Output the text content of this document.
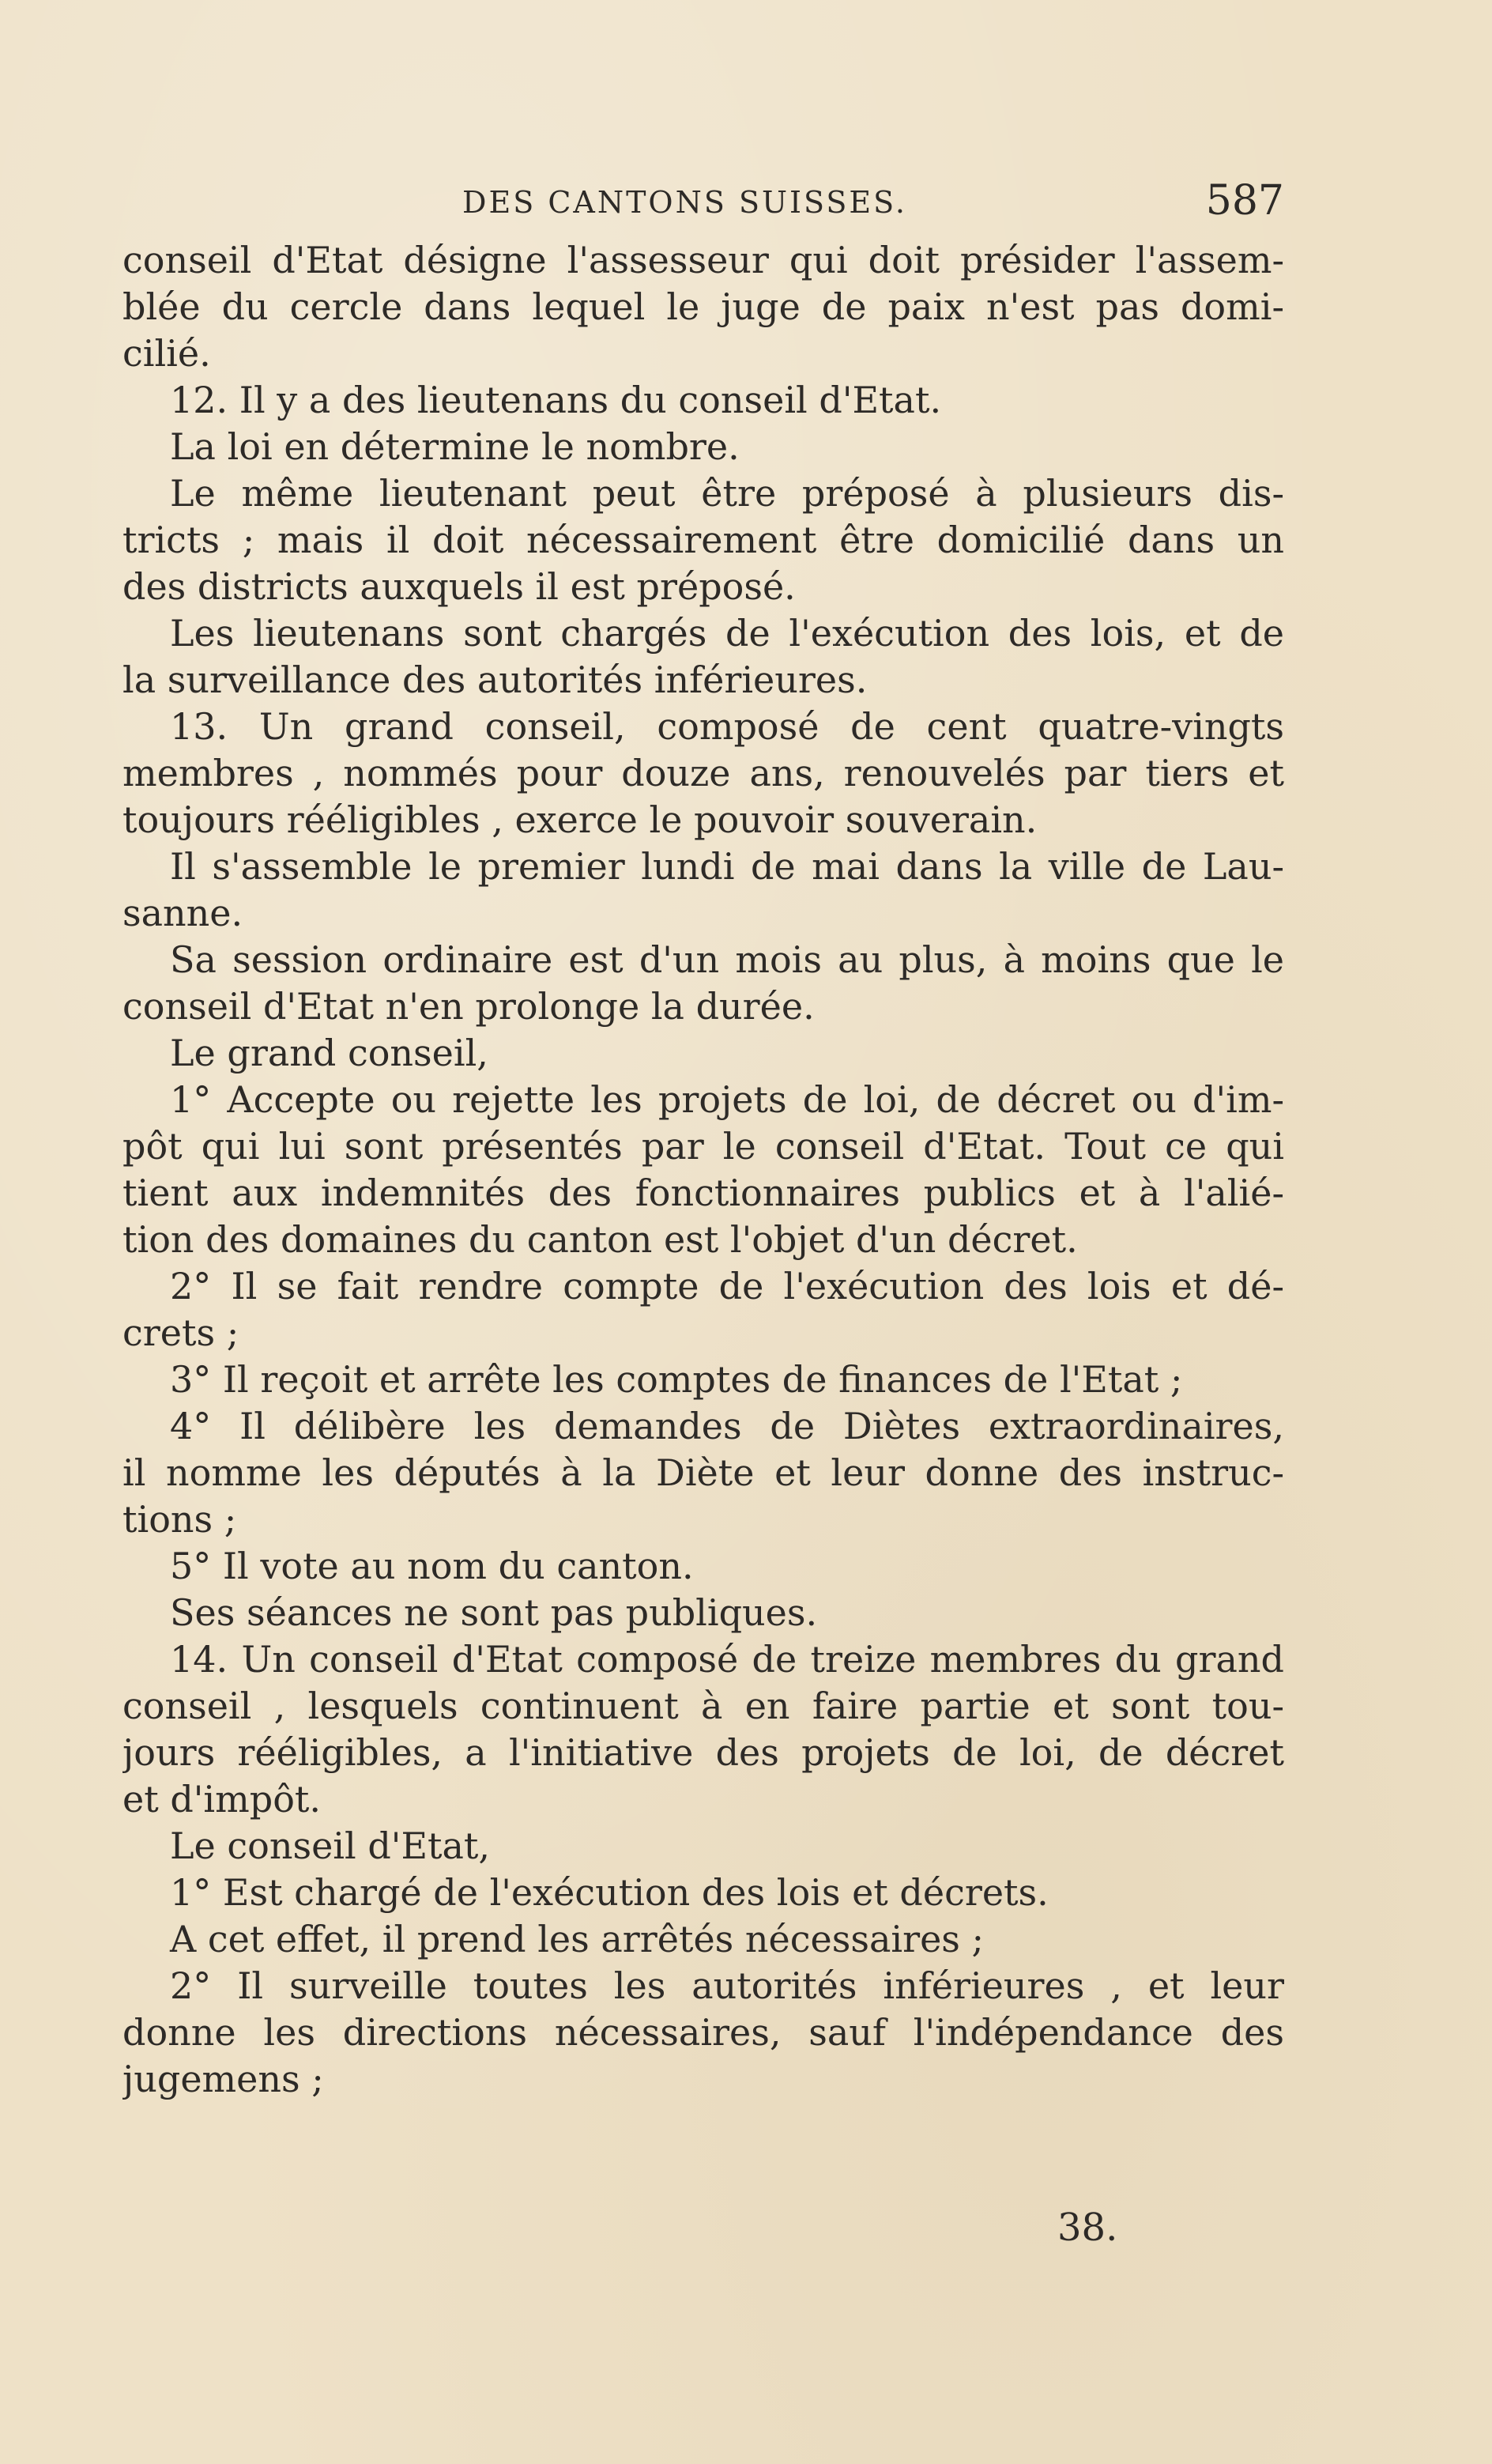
DES CANTONS SUISSES.	587
conseil d'Etat désigne l'assesseur qui doit présider l'assem-
blée du cercle dans lequel le juge de paix n'est pas domi-
cilié.
12. Il y a des lieutenans du conseil d'Etat.
La loi en détermine le nombre.
Le même lieutenant peut être préposé à plusieurs dis-
tricts ; mais il doit nécessairement être domicilié dans un
des districts auxquels il est préposé.
Les lieutenans sont chargés de l'exécution des lois, et de
la surveillance des autorités inférieures.
13. Un grand conseil, composé de cent quatre-vingts
membres , nommés pour douze ans, renouvelés par tiers et
toujours rééligibles , exerce le pouvoir souverain.
Il s'assemble le premier lundi de mai dans la ville de Lau-
sanne.
Sa session ordinaire est d'un mois au plus, à moins que le
conseil d'Etat n'en prolonge la durée.
Le grand conseil,
1° Accepte ou rejette les projets de loi, de décret ou d'im-
pôt qui lui sont présentés par le conseil d'Etat. Tout ce qui
tient aux indemnités des fonctionnaires publics et à l'alié-
tion des domaines du canton est l'objet d'un décret.
2° Il se fait rendre compte de l'exécution des lois et dé-
crets ;
3° Il reçoit et arrête les comptes de finances de l'Etat ;
4° Il délibère les demandes de Diètes extraordinaires,
il nomme les députés à la Diète et leur donne des instruc-
tions ;
5° Il vote au nom du canton.
Ses séances ne sont pas publiques.
14. Un conseil d'Etat composé de treize membres du grand
conseil , lesquels continuent à en faire partie et sont tou-
jours rééligibles, a l'initiative des projets de loi, de décret
et d'impôt.
Le conseil d'Etat,
1° Est chargé de l'exécution des lois et décrets.
A cet effet, il prend les arrêtés nécessaires ;
2° Il surveille toutes les autorités inférieures , et leur
donne les directions nécessaires, sauf l'indépendance des
jugemens ;
38.
